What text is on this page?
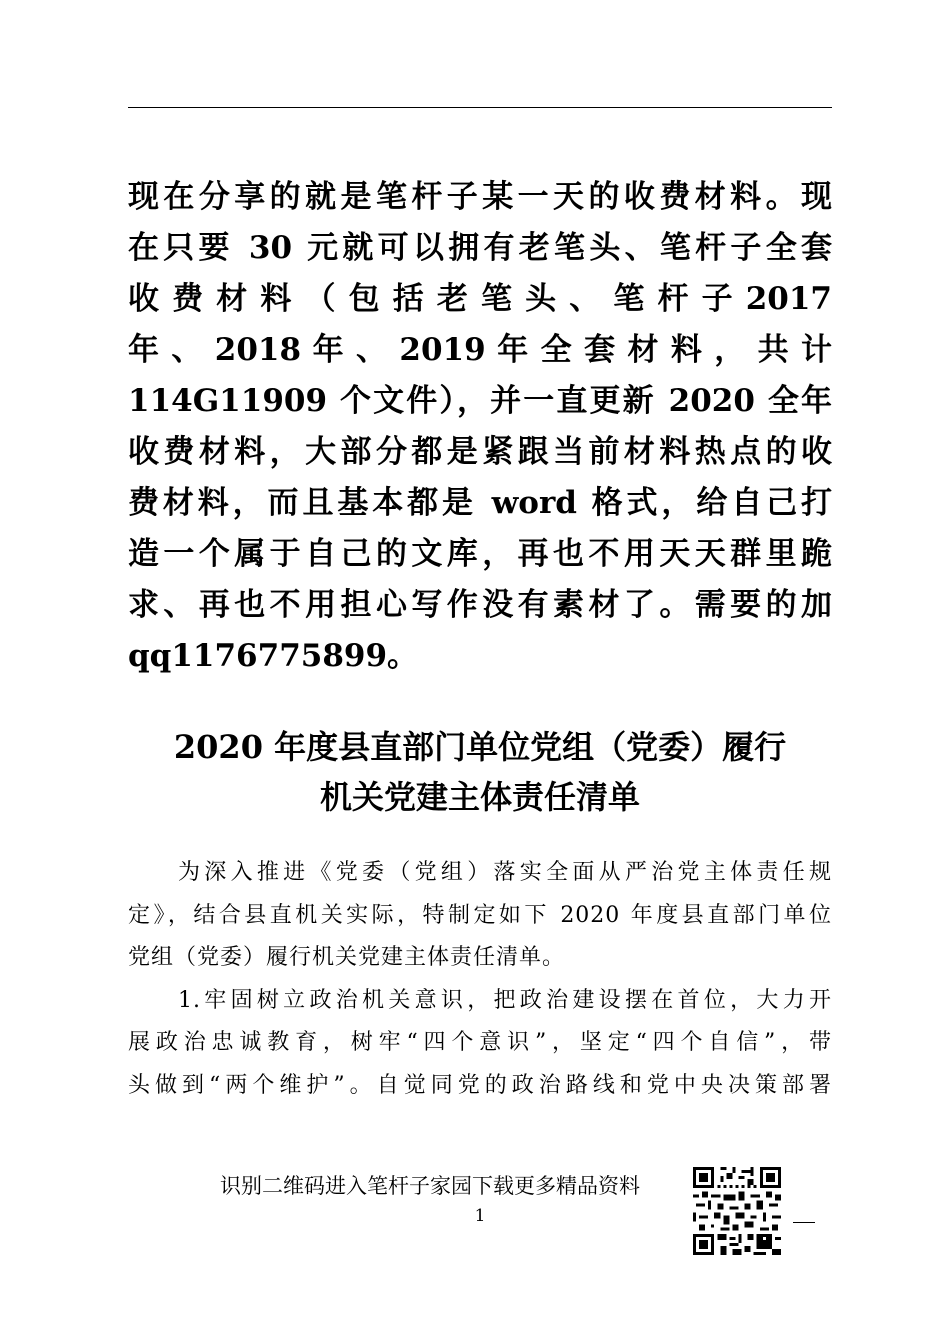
现在分享的就是笔杆子某一天的收费材料。现
在只要 30 元就可以拥有老笔头、笔杆子全套
收 费 材 料 （ 包 括 老 笔 头 、 笔 杆 子 2017
年 、 2018 年 、 2019 年 全 套 材 料 ， 共 计
114G11909 个文件），并一直更新 2020 全年
收费材料，大部分都是紧跟当前材料热点的收
费材料，而且基本都是 word 格式，给自己打
造一个属于自己的文库，再也不用天天群里跪
求、再也不用担心写作没有素材了。需要的加
qq1176775899。
2020 年度县直部门单位党组（党委）履行
机关党建主体责任清单
为深入推进《党委（党组）落实全面从严治党主体责任规
定》，结合县直机关实际，特制定如下 2020 年度县直部门单位
党组（党委）履行机关党建主体责任清单。
1.牢固树立政治机关意识，把政治建设摆在首位，大力开
展政治忠诚教育，树牢“四个意识”，坚定“四个自信”，带
头做到“两个维护”。自觉同党的政治路线和党中央决策部署
识别二维码进入笔杆子家园下载更多精品资料
1
